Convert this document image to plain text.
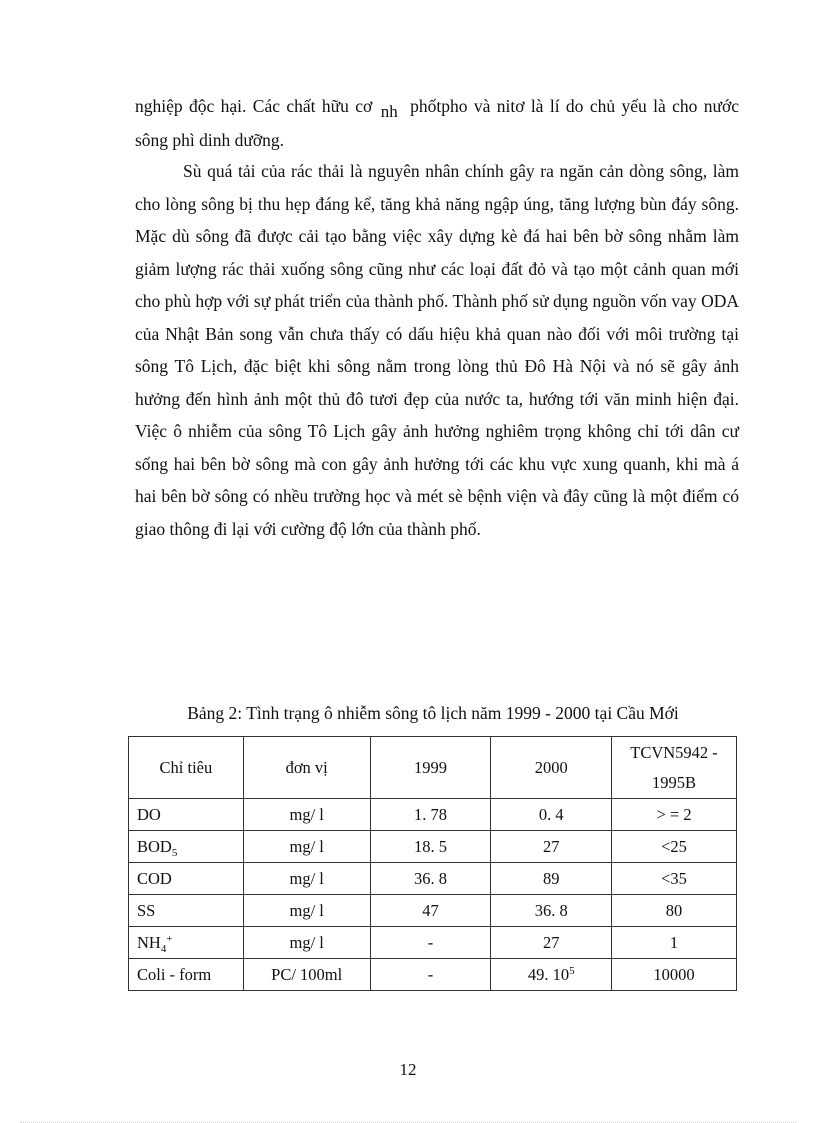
nghiệp độc hại. Các chất hữu cơ nh phốtpho và nitơ là lí do chủ yếu là cho nước sông phì dinh dưỡng.

Sù quá tải của rác thải là nguyên nhân chính gây ra ngăn cản dòng sông, làm cho lòng sông bị thu hẹp đáng kể, tăng khả năng ngập úng, tăng lượng bùn đáy sông. Mặc dù sông đã được cải tạo bằng việc xây dựng kè đá hai bên bờ sông nhằm làm giảm lượng rác thải xuống sông cũng như các loại đất đỏ và tạo một cảnh quan mới cho phù hợp với sự phát triển của thành phố. Thành phố sử dụng nguồn vốn vay ODA của Nhật Bản song vẫn chưa thấy có dấu hiệu khả quan nào đối với môi trường tại sông Tô Lịch, đặc biệt khi sông nằm trong lòng thủ Đô Hà Nội và nó sẽ gây ảnh hưởng đến hình ảnh một thủ đô tươi đẹp của nước ta, hướng tới văn minh hiện đại. Việc ô nhiễm của sông Tô Lịch gây ảnh hưởng nghiêm trọng không chỉ tới dân cư sống hai bên bờ sông mà con gây ảnh hưởng tới các khu vực xung quanh, khi mà á hai bên bờ sông có nhều trường học và mét sè bệnh viện và đây cũng là một điểm có giao thông đi lại với cường độ lớn của thành phố.

Bảng 2: Tình trạng ô nhiễm sông tô lịch năm 1999 - 2000 tại Cầu Mới
Chỉ tiêu	đơn vị	1999	2000	TCVN5942 -
1995B
DO	mg/ l	1. 78	0. 4	> = 2
$BOD_5$	mg/ l	18. 5	27	<25
COD	mg/ l	36. 8	89	<35
SS	mg/ l	47	36. 8	80
$NH_4^+$	mg/ l	-	27	1
Coli - form	PC/ 100ml	-	49. $10^5$	10000
12
